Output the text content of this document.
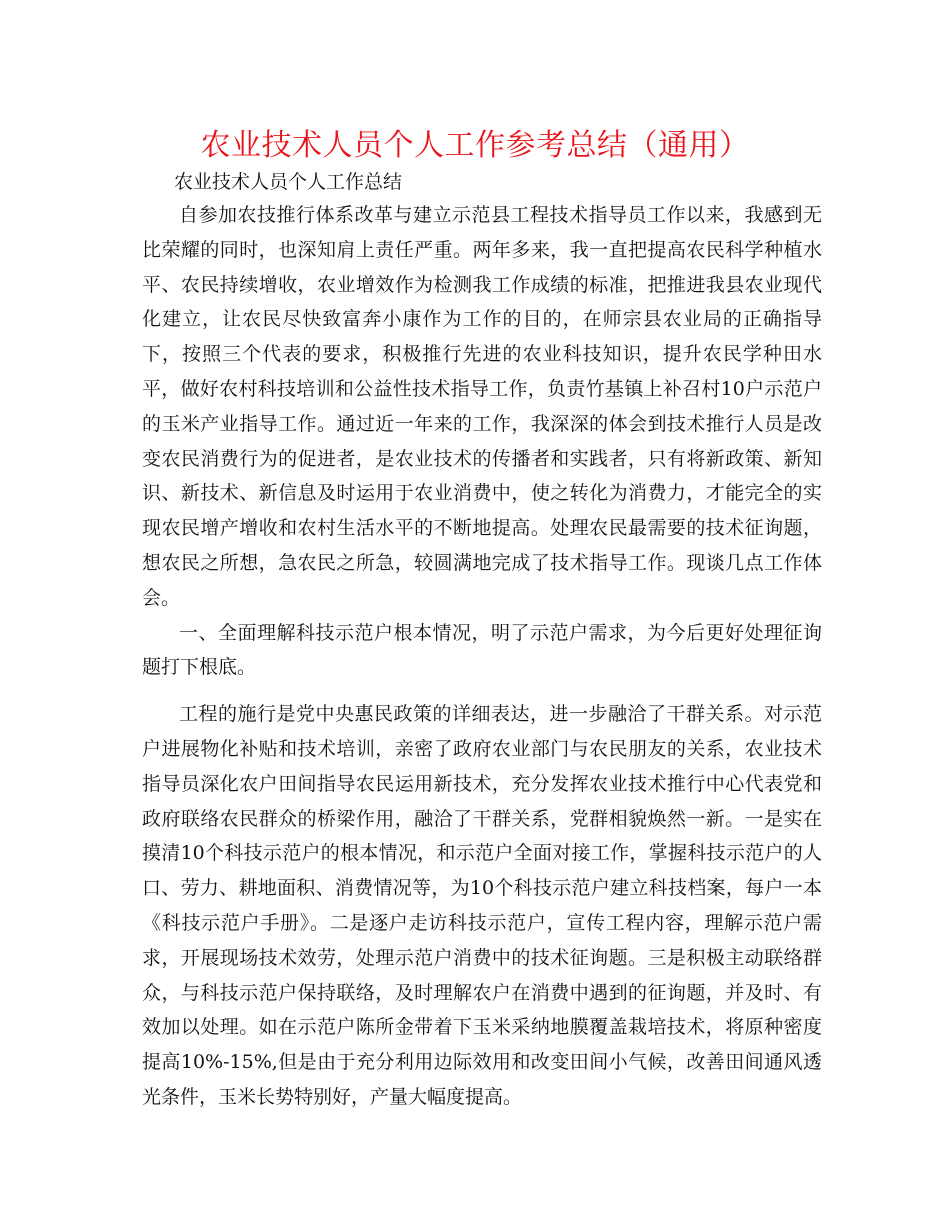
农业技术人员个人工作参考总结（通用）

农业技术人员个人工作总结

自参加农技推行体系改革与建立示范县工程技术指导员工作以来，我感到无比荣耀的同时，也深知肩上责任严重。两年多来，我一直把提高农民科学种植水平、农民持续增收，农业增效作为检测我工作成绩的标准，把推进我县农业现代化建立，让农民尽快致富奔小康作为工作的目的，在师宗县农业局的正确指导下，按照三个代表的要求，积极推行先进的农业科技知识，提升农民学种田水平，做好农村科技培训和公益性技术指导工作，负责竹基镇上补召村10户示范户的玉米产业指导工作。通过近一年来的工作，我深深的体会到技术推行人员是改变农民消费行为的促进者，是农业技术的传播者和实践者，只有将新政策、新知识、新技术、新信息及时运用于农业消费中，使之转化为消费力，才能完全的实现农民增产增收和农村生活水平的不断地提高。处理农民最需要的技术征询题，想农民之所想，急农民之所急，较圆满地完成了技术指导工作。现谈几点工作体会。

一、全面理解科技示范户根本情况，明了示范户需求，为今后更好处理征询题打下根底。

工程的施行是党中央惠民政策的详细表达，进一步融洽了干群关系。对示范户进展物化补贴和技术培训，亲密了政府农业部门与农民朋友的关系，农业技术指导员深化农户田间指导农民运用新技术，充分发挥农业技术推行中心代表党和政府联络农民群众的桥梁作用，融洽了干群关系，党群相貌焕然一新。一是实在摸清10个科技示范户的根本情况，和示范户全面对接工作，掌握科技示范户的人口、劳力、耕地面积、消费情况等，为10个科技示范户建立科技档案，每户一本《科技示范户手册》。二是逐户走访科技示范户，宣传工程内容，理解示范户需求，开展现场技术效劳，处理示范户消费中的技术征询题。三是积极主动联络群众，与科技示范户保持联络，及时理解农户在消费中遇到的征询题，并及时、有效加以处理。如在示范户陈所金带着下玉米采纳地膜覆盖栽培技术，将原种密度提高10%-15%,但是由于充分利用边际效用和改变田间小气候，改善田间通风透光条件，玉米长势特别好，产量大幅度提高。
